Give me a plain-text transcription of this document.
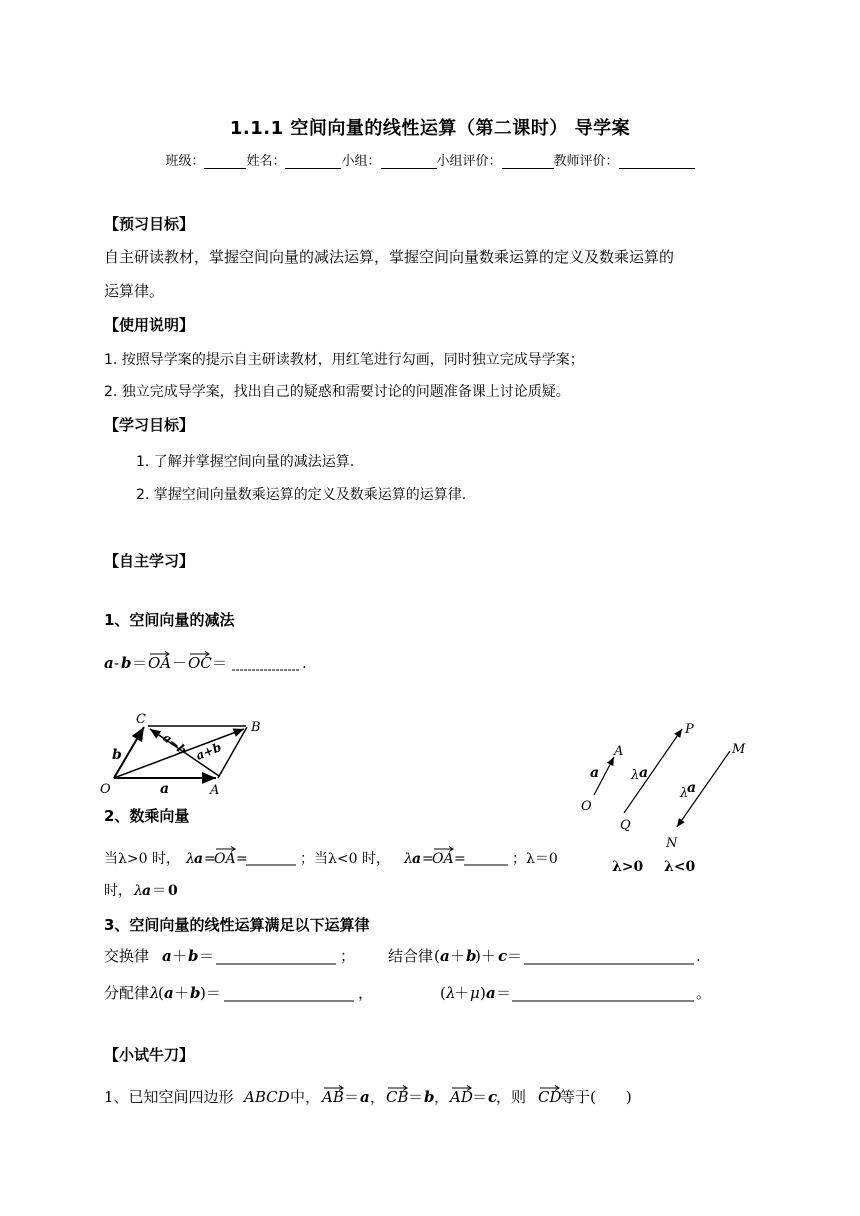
1.1.1 空间向量的线性运算（第二课时） 导学案
班级：	姓名：	小组：	小组评价：	教师评价：
【预习目标】
自主研读教材，掌握空间向量的减法运算，掌握空间向量数乘运算的定义及数乘运算的
运算律。
【使用说明】
1. 按照导学案的提示自主研读教材，用红笔进行勾画，同时独立完成导学案；
2. 独立完成导学案，找出自己的疑惑和需要讨论的问题准备课上讨论质疑。
【学习目标】
1. 了解并掌握空间向量的减法运算.
2. 掌握空间向量数乘运算的定义及数乘运算的运算律.
【自主学习】
1、空间向量的减法
a - b ＝ OA － OC ＝	.
C
B
O	A
b
a
a−b a+b
2、数乘向量
A
O
a
P
Q
λ a
M
N
λ
a
λ>0 λ<0
当λ>0 时， λ a =
OA =	；当λ<0 时， λ a =
OA =	；λ＝0
时， λ a ＝ 0
3、空间向量的线性运算满足以下运算律
交换律 a ＋ b ＝	； 结合律 ( a ＋ b
)＋ c ＝	.
分配律 λ
( a ＋ b )＝	，	( λ
＋ μ ) a ＝	。
【小试牛刀】
1、已知空间四边形 ABCD 中， AB ＝ a ， CB ＝ b ， AD ＝ c
，则 CD
等于(　　)
